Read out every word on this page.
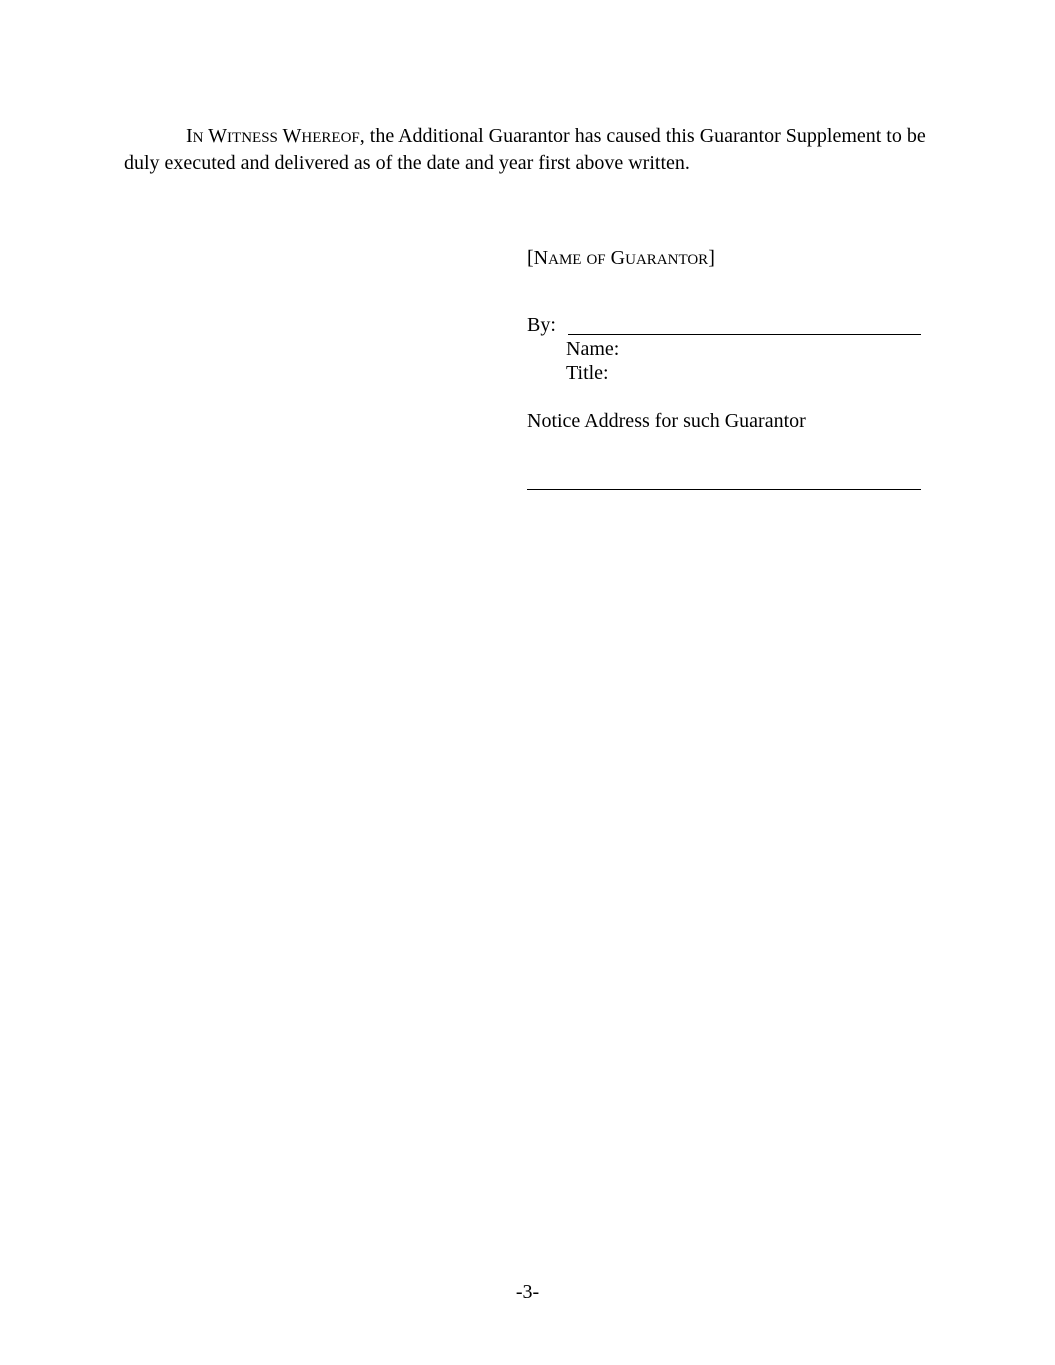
IN WITNESS WHEREOF, the Additional Guarantor has caused this Guarantor Supplement to be duly executed and delivered as of the date and year first above written.

[NAME OF GUARANTOR]
By:
Name:
Title:
Notice Address for such Guarantor
-3-
